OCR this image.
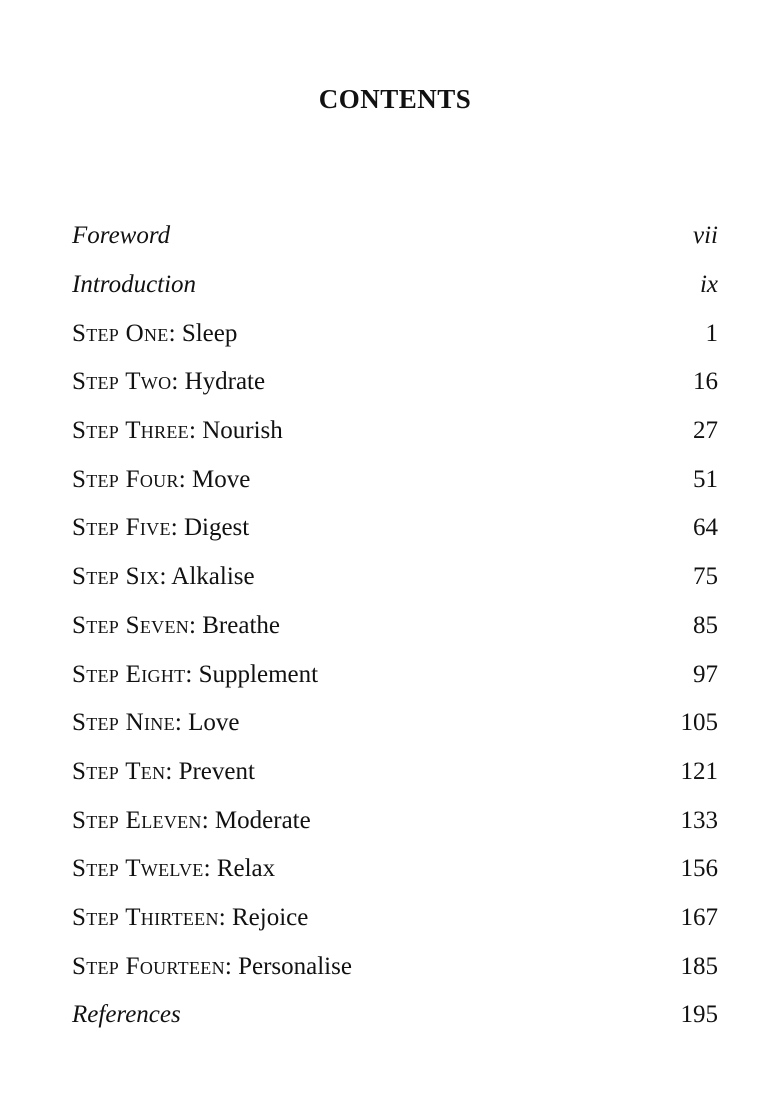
CONTENTS
Foreword	vii
Introduction	ix
Step One: Sleep	1
Step Two: Hydrate	16
Step Three: Nourish	27
Step Four: Move	51
Step Five: Digest	64
Step Six: Alkalise	75
Step Seven: Breathe	85
Step Eight: Supplement	97
Step Nine: Love	105
Step Ten: Prevent	121
Step Eleven: Moderate	133
Step Twelve: Relax	156
Step Thirteen: Rejoice	167
Step Fourteen: Personalise	185
References	195
